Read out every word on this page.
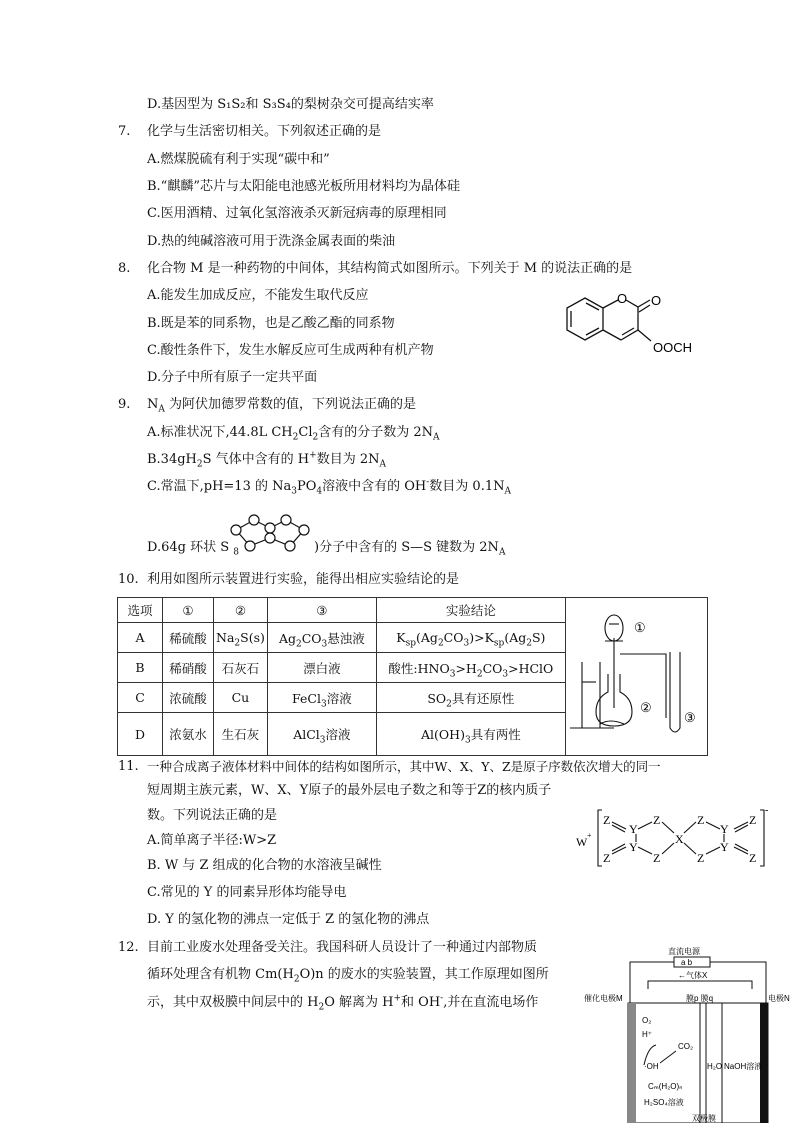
D.基因型为 S₁S₂和 S₃S₄的梨树杂交可提高结实率
7. 化学与生活密切相关。下列叙述正确的是
A.燃煤脱硫有利于实现“碳中和”
B.“麒麟”芯片与太阳能电池感光板所用材料均为晶体硅
C.医用酒精、过氧化氢溶液杀灭新冠病毒的原理相同
D.热的纯碱溶液可用于洗涤金属表面的柴油
8. 化合物 M 是一种药物的中间体，其结构简式如图所示。下列关于 M 的说法正确的是
A.能发生加成反应，不能发生取代反应
B.既是苯的同系物，也是乙酸乙酯的同系物
C.酸性条件下，发生水解反应可生成两种有机产物
D.分子中所有原子一定共平面
O O
OOCH
9. $N_A$ 为阿伏加德罗常数的值，下列说法正确的是
A.标准状况下,44.8L $CH_2Cl_2$含有的分子数为 $2N_A$
$B.34gH_2S$ 气体中含有的 H+数目为 $2N_A$
C.常温下,pH=13 的 $Na_3PO_4$溶液中含有的 OH-数目为 $0.1N_A$
D.64g 环状 S $_8$	)分子中含有的 S—S 键数为 $2N_A$
10. 利用如图所示装置进行实验，能得出相应实验结论的是
选项	①	②	③	实验结论	①
②
③

A	稀硫酸	$Na_2S(s)$	$Ag_2CO_3$悬浊液	$K_{sp}(Ag_2CO_3)>K_{sp}(Ag_2S)$	
B	稀硝酸	石灰石	漂白液	酸性$:HNO_3>H_2CO_3>HClO$	
C	浓硫酸	Cu	FeCl$_3$溶液	$SO_2$具有还原性	
D	浓氨水	生石灰	AlCl$_3$溶液	$Al(OH)_3$具有两性	
11. 一种合成离子液体材料中间体的结构如图所示，其中W、X、Y、Z是原子序数依次增大的同一
短周期主族元素，W、X、Y原子的最外层电子数之和等于Z的核内质子
数。下列说法正确的是
A.简单离子半径:W>Z
B. W 与 Z 组成的化合物的水溶液呈碱性
C.常见的 Y 的同素异形体均能导电
D. Y 的氢化物的沸点一定低于 Z 的氢化物的沸点
W +
Z
Z
Y
Y
Z
Z
X
Z
Z
Y
Y
Z
Z
-
12. 目前工业废水处理备受关注。我国科研人员设计了一种通过内部物质
循环处理含有机物 $Cm(H_2O)n$ 的废水的实验装置，其工作原理如图所
示，其中双极膜中间层中的 $H_2O$ 解离为 H+和 OH-,并在直流电场作
直流电源
a b
←气体X
催化电极M	膜p 膜q	电极N
O₂
H⁺
·OH
CO₂
Cₘ(H₂O)ₙ
H₂SO₄溶液
H₂O NaOH溶液
双极膜
